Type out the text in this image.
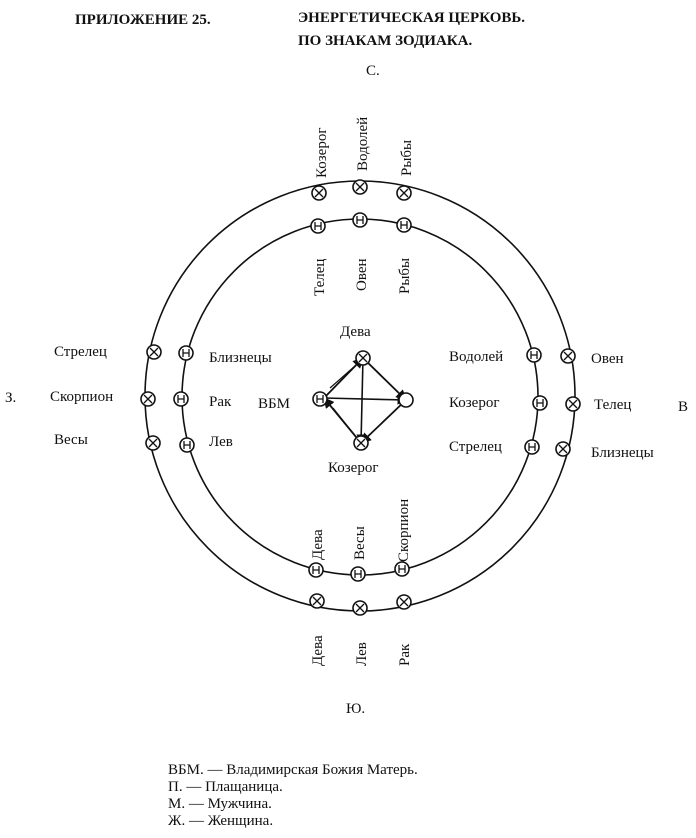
ПРИЛОЖЕНИЕ 25.	ЭНЕРГЕТИЧЕСКАЯ ЦЕРКОВЬ.
ПО ЗНАКАМ ЗОДИАКА.
С.
Ю.
З.
В
Козерог Водолей Рыбы
Стрелец
Скорпион
Весы
Овен
Телец
Близнецы
Дева Лев Рак
Телец Овен Рыбы
Близнецы
Рак
Лев
Водолей
Козерог
Стрелец
Дева Весы Скорпион
Дева
ВБМ
Козерог
ВБМ. — Владимирская Божия Матерь.
П. — Плащаница.
М. — Мужчина.
Ж. — Женщина.
